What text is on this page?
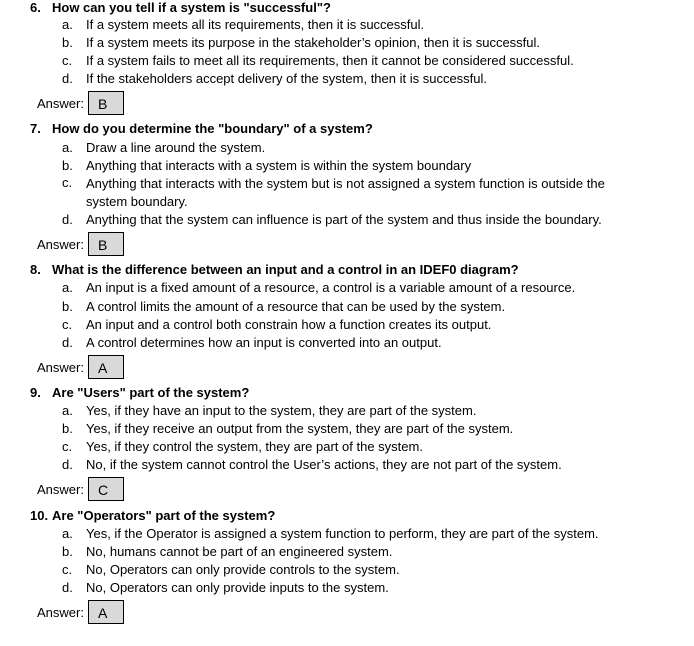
6. How can you tell if a system is "successful"?
a. If a system meets all its requirements, then it is successful.
b. If a system meets its purpose in the stakeholder’s opinion, then it is successful.
c. If a system fails to meet all its requirements, then it cannot be considered successful.
d. If the stakeholders accept delivery of the system, then it is successful.
Answer: B
7. How do you determine the "boundary" of a system?
a. Draw a line around the system.
b. Anything that interacts with a system is within the system boundary
c. Anything that interacts with the system but is not assigned a system function is outside the system boundary.
d. Anything that the system can influence is part of the system and thus inside the boundary.
Answer: B
8. What is the difference between an input and a control in an IDEF0 diagram?
a. An input is a fixed amount of a resource, a control is a variable amount of a resource.
b. A control limits the amount of a resource that can be used by the system.
c. An input and a control both constrain how a function creates its output.
d. A control determines how an input is converted into an output.
Answer: A
9. Are "Users" part of the system?
a. Yes, if they have an input to the system, they are part of the system.
b. Yes, if they receive an output from the system, they are part of the system.
c. Yes, if they control the system, they are part of the system.
d. No, if the system cannot control the User’s actions, they are not part of the system.
Answer: C
10. Are "Operators" part of the system?
a. Yes, if the Operator is assigned a system function to perform, they are part of the system.
b. No, humans cannot be part of an engineered system.
c. No, Operators can only provide controls to the system.
d. No, Operators can only provide inputs to the system.
Answer: A
